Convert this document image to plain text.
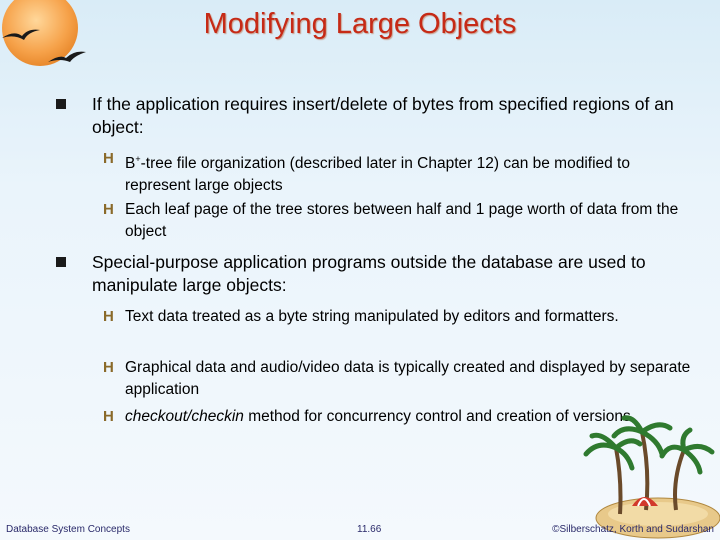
Modifying Large Objects
If the application requires insert/delete of bytes from specified regions of an object:
H B+-tree file organization (described later in Chapter 12) can be modified to represent large objects
H Each leaf page of the tree stores between half and 1 page worth of data from the object
Special-purpose application programs outside the database are used to manipulate large objects:
H Text data treated as a byte string manipulated by editors and formatters.
H Graphical data and audio/video data is typically created and displayed by separate application
H checkout/checkin method for concurrency control and creation of versions
Database System Concepts	11.66	©Silberschatz, Korth and Sudarshan
